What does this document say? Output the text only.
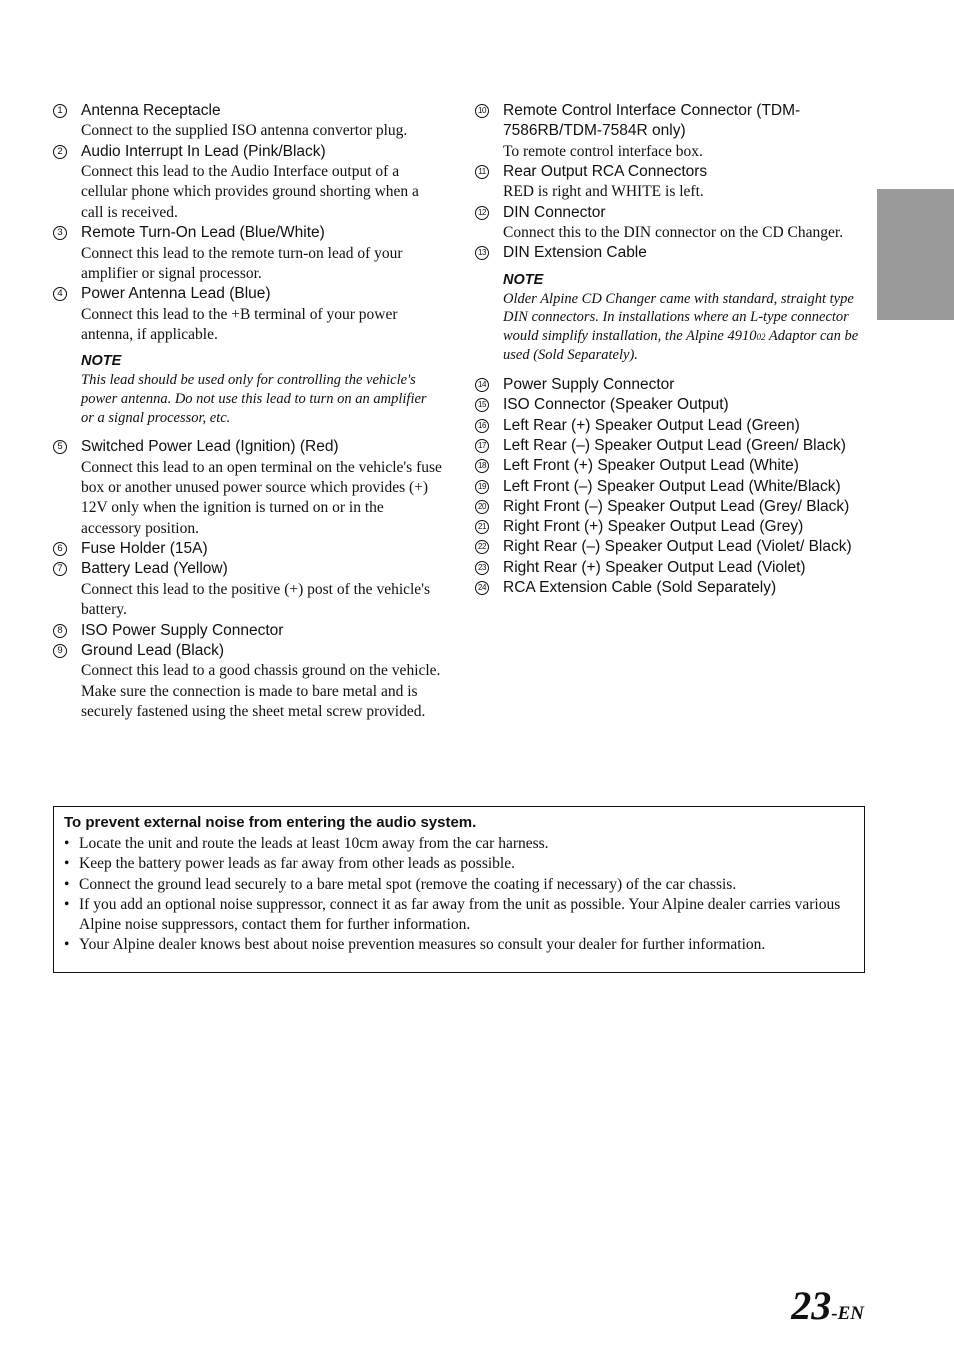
1 Antenna Receptacle
Connect to the supplied ISO antenna convertor plug.
2 Audio Interrupt In Lead (Pink/Black)
Connect this lead to the Audio Interface output of a cellular phone which provides ground shorting when a call is received.
3 Remote Turn-On Lead (Blue/White)
Connect this lead to the remote turn-on lead of your amplifier or signal processor.
4 Power Antenna Lead (Blue)
Connect this lead to the +B terminal of your power antenna, if applicable.
NOTE
This lead should be used only for controlling the vehicle's power antenna. Do not use this lead to turn on an amplifier or a signal processor, etc.
5 Switched Power Lead (Ignition) (Red)
Connect this lead to an open terminal on the vehicle's fuse box or another unused power source which provides (+) 12V only when the ignition is turned on or in the accessory position.
6 Fuse Holder (15A)
7 Battery Lead (Yellow)
Connect this lead to the positive (+) post of the vehicle's battery.
8 ISO Power Supply Connector
9 Ground Lead (Black)
Connect this lead to a good chassis ground on the vehicle. Make sure the connection is made to bare metal and is securely fastened using the sheet metal screw provided.
10 Remote Control Interface Connector (TDM-7586RB/TDM-7584R only)
To remote control interface box.
11 Rear Output RCA Connectors
RED is right and WHITE is left.
12 DIN Connector
Connect this to the DIN connector on the CD Changer.
13 DIN Extension Cable
NOTE
Older Alpine CD Changer came with standard, straight type DIN connectors. In installations where an L-type connector would simplify installation, the Alpine 491002 Adaptor can be used (Sold Separately).
14 Power Supply Connector
15 ISO Connector (Speaker Output)
16 Left Rear (+) Speaker Output Lead (Green)
17 Left Rear (–) Speaker Output Lead (Green/ Black)
18 Left Front (+) Speaker Output Lead (White)
19 Left Front (–) Speaker Output Lead (White/Black)
20 Right Front (–) Speaker Output Lead (Grey/ Black)
21 Right Front (+) Speaker Output Lead (Grey)
22 Right Rear (–) Speaker Output Lead (Violet/ Black)
23 Right Rear (+) Speaker Output Lead (Violet)
24 RCA Extension Cable (Sold Separately)
To prevent external noise from entering the audio system.
• Locate the unit and route the leads at least 10cm away from the car harness.
• Keep the battery power leads as far away from other leads as possible.
• Connect the ground lead securely to a bare metal spot (remove the coating if necessary) of the car chassis.
• If you add an optional noise suppressor, connect it as far away from the unit as possible. Your Alpine dealer carries various Alpine noise suppressors, contact them for further information.
• Your Alpine dealer knows best about noise prevention measures so consult your dealer for further information.
23-EN
